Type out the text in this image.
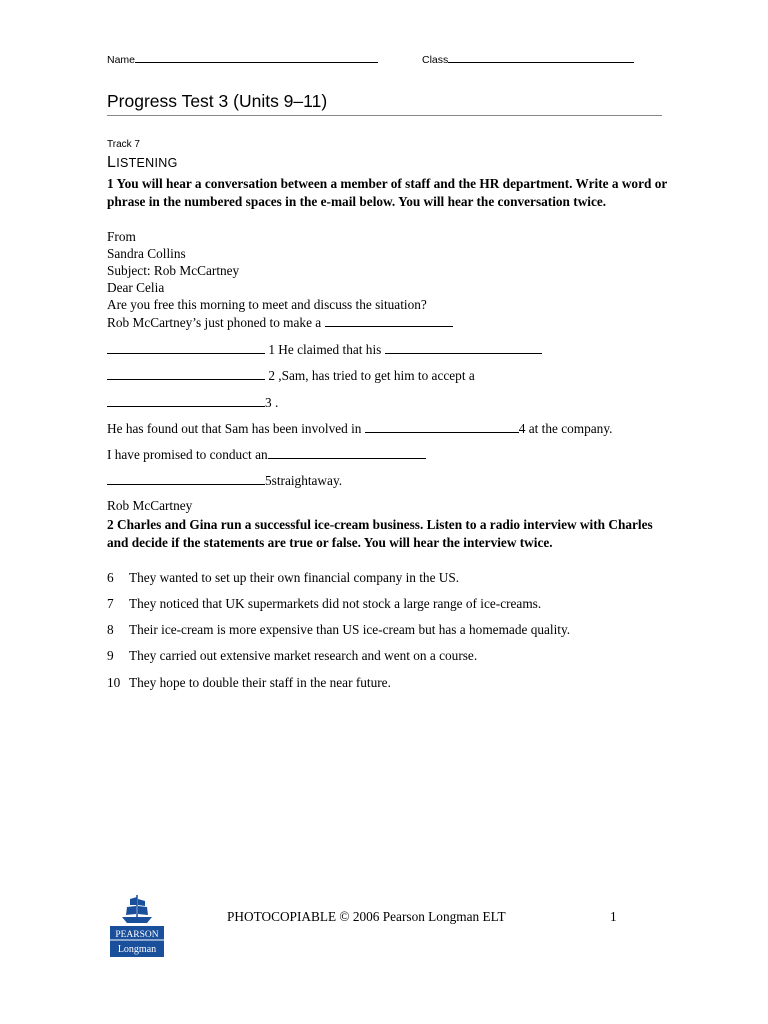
Name	Class
Progress Test 3 (Units 9–11)
Track 7
LISTENING
1 You will hear a conversation between a member of staff and the HR department. Write a word or phrase in the numbered spaces in the e-mail below. You will hear the conversation twice.
From
Sandra Collins
Subject: Rob McCartney
Dear Celia
Are you free this morning to meet and discuss the situation?
Rob McCartney’s just phoned to make a
1 He claimed that his
2 ,Sam, has tried to get him to accept a
3 .
He has found out that Sam has been involved in	4 at the company.
I have promised to conduct an
5straightaway.
Rob McCartney
2 Charles and Gina run a successful ice-cream business. Listen to a radio interview with Charles and decide if the statements are true or false. You will hear the interview twice.
6 They wanted to set up their own financial company in the US.
7 They noticed that UK supermarkets did not stock a large range of ice-creams.
8 Their ice-cream is more expensive than US ice-cream but has a homemade quality.
9 They carried out extensive market research and went on a course.
10 They hope to double their staff in the near future.
PEARSON
Longman
PHOTOCOPIABLE © 2006 Pearson Longman ELT	1
